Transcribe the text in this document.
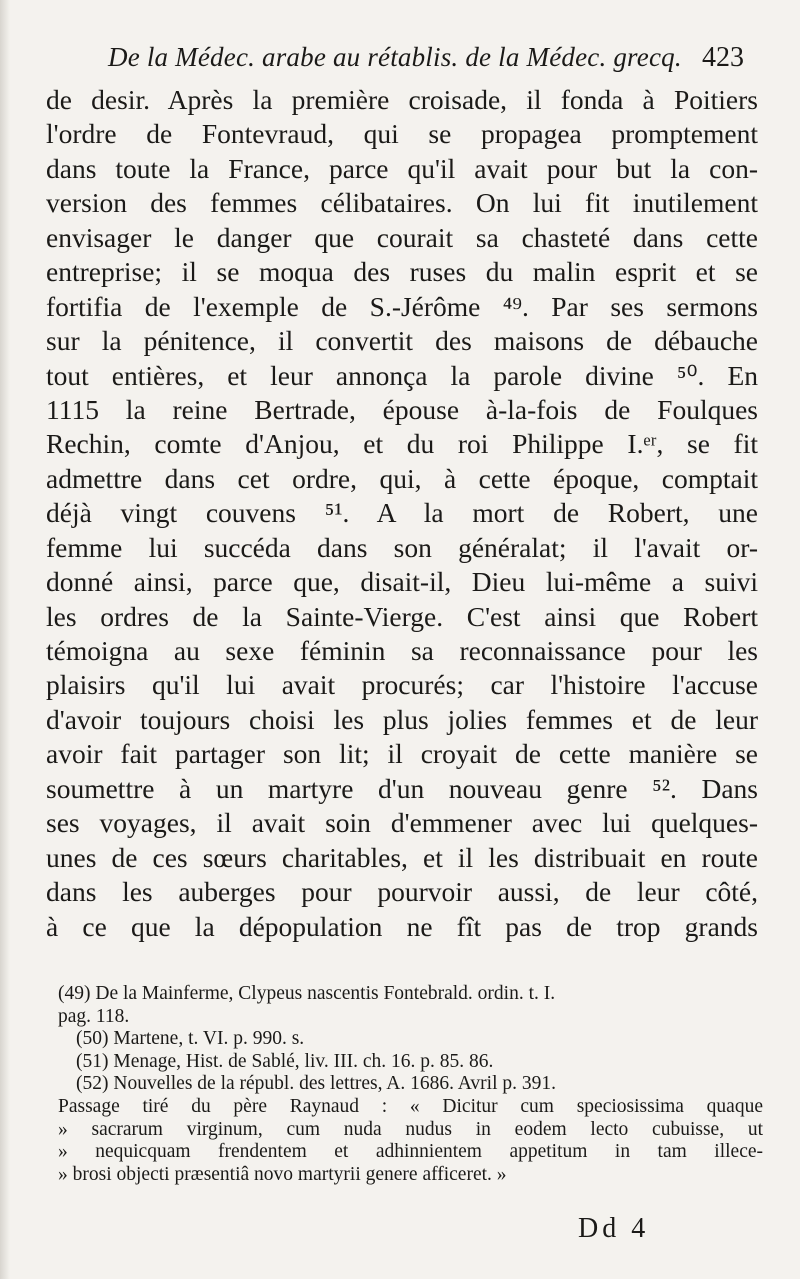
De la Médec. arabe au rétablis. de la Médec. grecq. 423
de desir. Après la première croisade, il fonda à Poitiers
l'ordre de Fontevraud, qui se propagea promptement
dans toute la France, parce qu'il avait pour but la con-
version des femmes célibataires. On lui fit inutilement
envisager le danger que courait sa chasteté dans cette
entreprise; il se moqua des ruses du malin esprit et se
fortifia de l'exemple de S.-Jérôme ⁴⁹. Par ses sermons
sur la pénitence, il convertit des maisons de débauche
tout entières, et leur annonça la parole divine ⁵⁰. En
1115 la reine Bertrade, épouse à-la-fois de Foulques
Rechin, comte d'Anjou, et du roi Philippe I.ᵉʳ, se fit
admettre dans cet ordre, qui, à cette époque, comptait
déjà vingt couvens ⁵¹. A la mort de Robert, une
femme lui succéda dans son généralat; il l'avait or-
donné ainsi, parce que, disait-il, Dieu lui-même a suivi
les ordres de la Sainte-Vierge. C'est ainsi que Robert
témoigna au sexe féminin sa reconnaissance pour les
plaisirs qu'il lui avait procurés; car l'histoire l'accuse
d'avoir toujours choisi les plus jolies femmes et de leur
avoir fait partager son lit; il croyait de cette manière se
soumettre à un martyre d'un nouveau genre ⁵². Dans
ses voyages, il avait soin d'emmener avec lui quelques-
unes de ces sœurs charitables, et il les distribuait en route
dans les auberges pour pourvoir aussi, de leur côté,
à ce que la dépopulation ne fît pas de trop grands
(49) De la Mainferme, Clypeus nascentis Fontebrald. ordin. t. I.
pag. 118.
(50) Martene, t. VI. p. 990. s.
(51) Menage, Hist. de Sablé, liv. III. ch. 16. p. 85. 86.
(52) Nouvelles de la républ. des lettres, A. 1686. Avril p. 391.
Passage tiré du père Raynaud : « Dicitur cum speciosissima quaque
» sacrarum virginum, cum nuda nudus in eodem lecto cubuisse, ut
» nequicquam frendentem et adhinnientem appetitum in tam illece-
» brosi objecti præsentiâ novo martyrii genere afficeret. »
Dd 4
